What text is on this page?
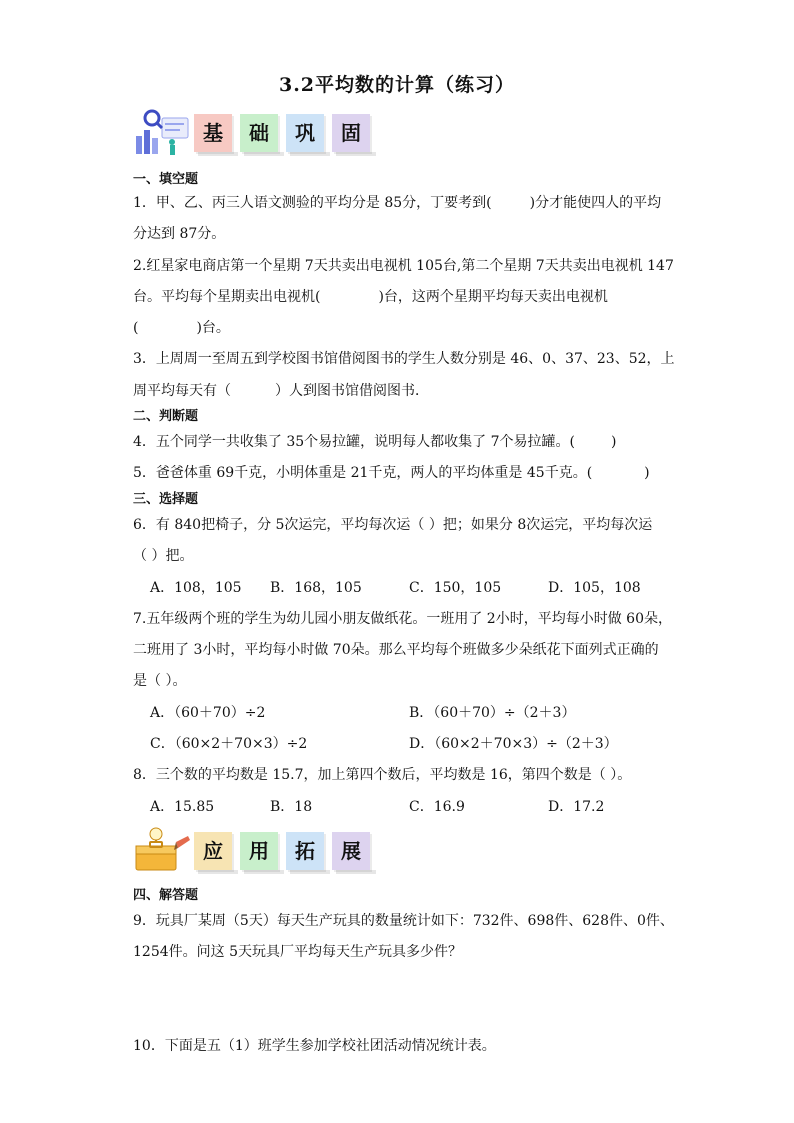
3.2平均数的计算（练习）
基	础	巩	固
一、填空题
1．甲、乙、丙三人语文测验的平均分是 85分，丁要考到(	)分才能使四人的平均
分达到 87分。
2.红星家电商店第一个星期 7天共卖出电视机 105台,第二个星期 7天共卖出电视机 147
台。平均每个星期卖出电视机(	)台，这两个星期平均每天卖出电视机
(	)台。
3．上周周一至周五到学校图书馆借阅图书的学生人数分别是 46、0、37、23、52，上
周平均每天有（	）人到图书馆借阅图书．
二、判断题
4．五个同学一共收集了 35个易拉罐，说明每人都收集了 7个易拉罐。(	)
5．爸爸体重 69千克，小明体重是 21千克，两人的平均体重是 45千克。(	)
三、选择题
6．有 840把椅子，分 5次运完，平均每次运（ ）把；如果分 8次运完，平均每次运
（ ）把。
A．108，105 B．168，105	C．150，105	D．105，108
7.五年级两个班的学生为幼儿园小朋友做纸花。一班用了 2小时，平均每小时做 60朵，
二班用了 3小时，平均每小时做 70朵。那么平均每个班做多少朵纸花下面列式正确的
是（ ）。
A．（60＋70）÷2	B．（60＋70）÷（2＋3）
C．（60×2＋70×3）÷2	D．（60×2＋70×3）÷（2＋3）
8．三个数的平均数是 15.7，加上第四个数后，平均数是 16，第四个数是（ ）。
A．15.85	B．18	C．16.9	D．17.2
应	用	拓	展
四、解答题
9．玩具厂某周（5天）每天生产玩具的数量统计如下：732件、698件、628件、0件、
1254件。问这 5天玩具厂平均每天生产玩具多少件？
10．下面是五（1）班学生参加学校社团活动情况统计表。
